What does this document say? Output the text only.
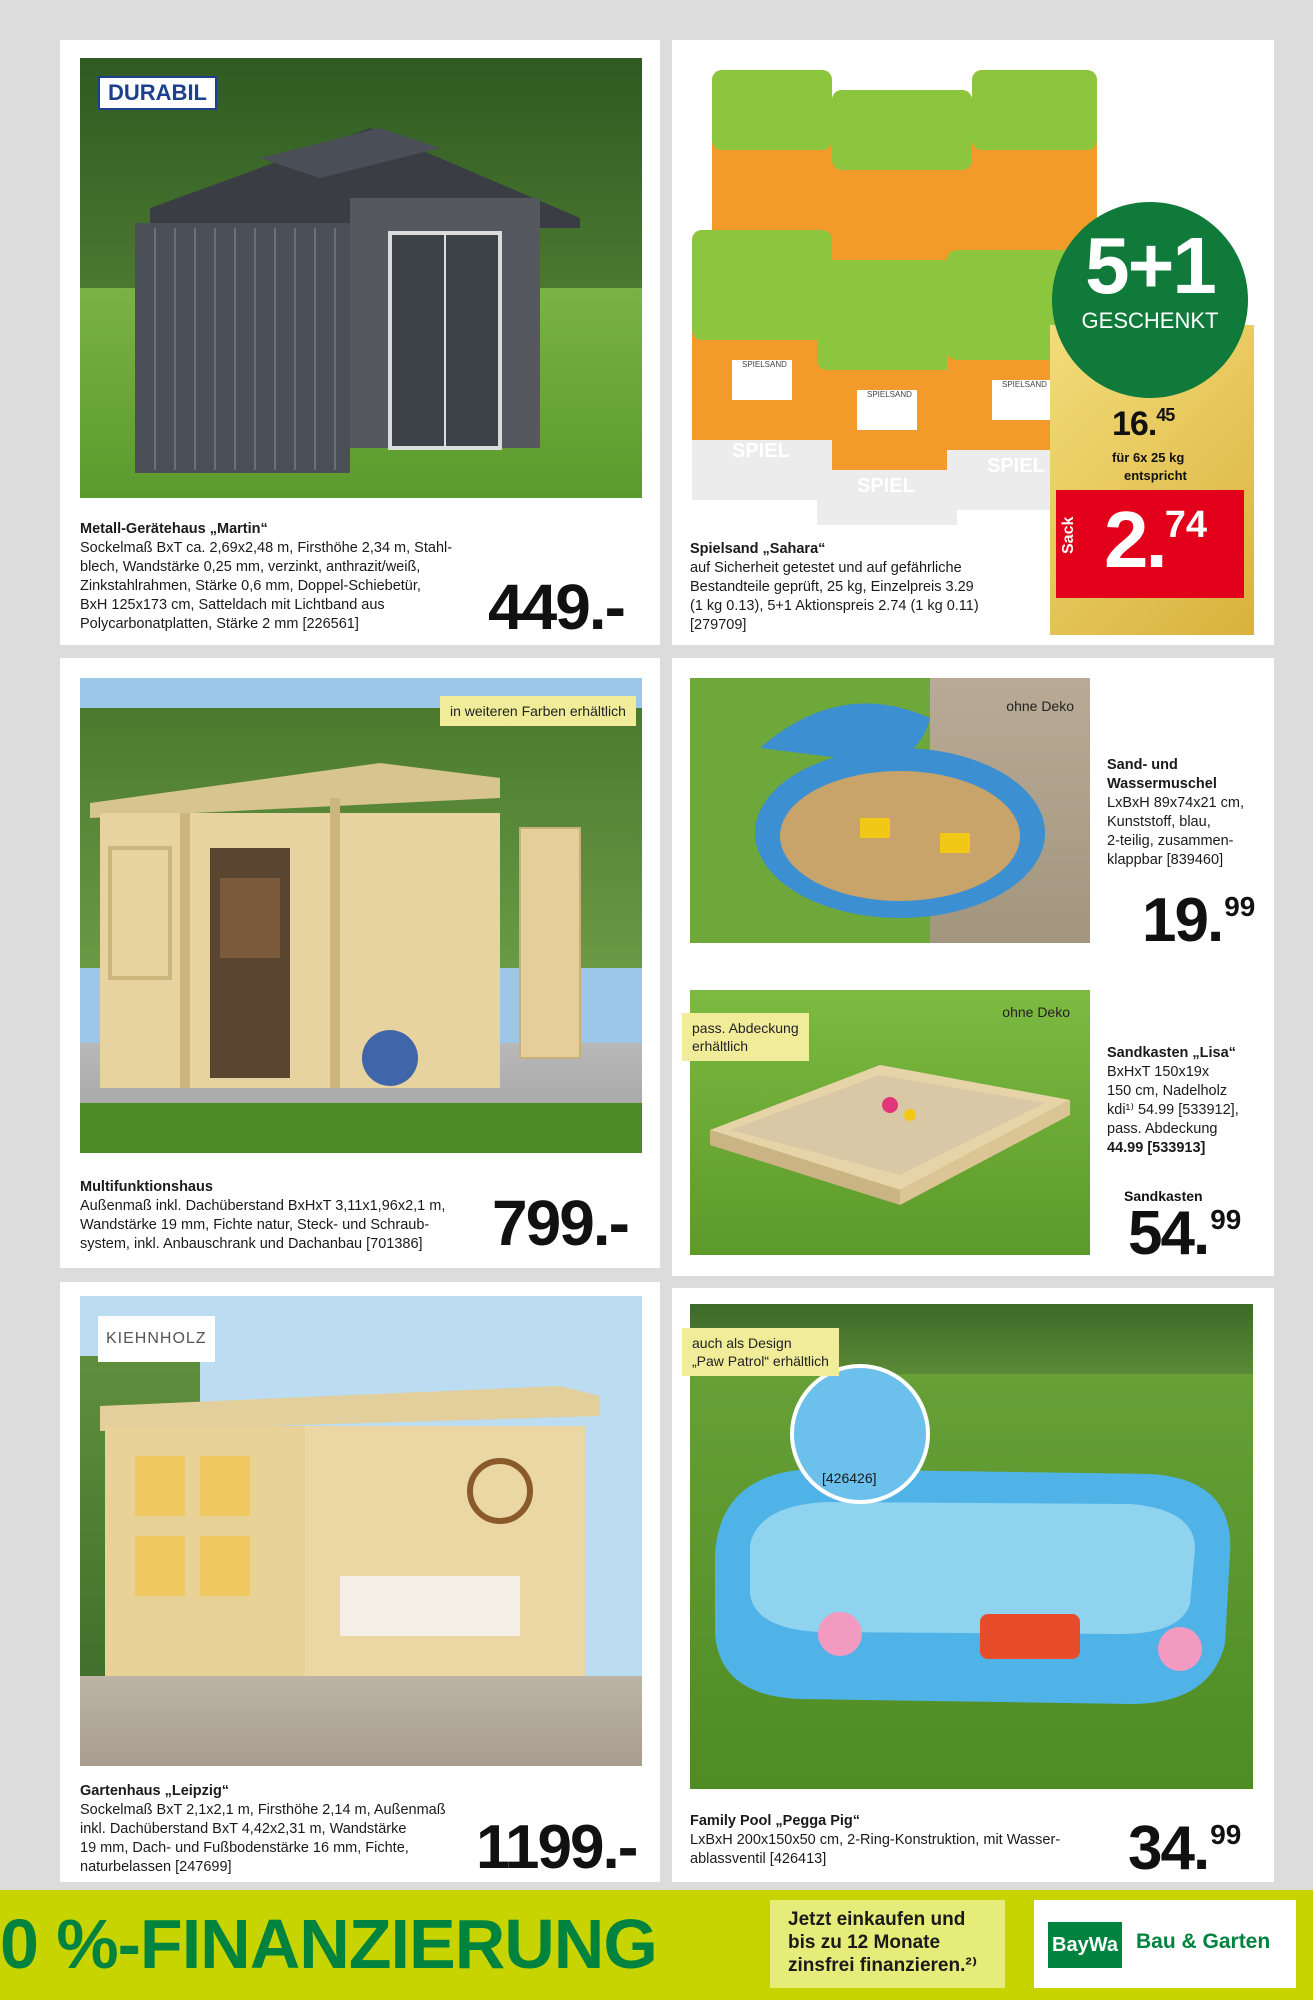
DURABIL
Metall-Gerätehaus „Martin“
Sockelmaß BxT ca. 2,69x2,48 m, Firsthöhe 2,34 m, Stahl-
blech, Wandstärke 0,25 mm, verzinkt, anthrazit/weiß,
Zinkstahlrahmen, Stärke 0,6 mm, Doppel-Schiebetür,
BxH 125x173 cm, Satteldach mit Lichtband aus
Polycarbonatplatten, Stärke 2 mm [226561]	449.-
SPIEL
SPIEL
SPIEL
SPIELSAND
SPIELSAND
SPIELSAND
5+1
GESCHENKT
16.45
für 6x 25 kg
entspricht
Sack 2.74
Spielsand „Sahara“
auf Sicherheit getestet und auf gefährliche
Bestandteile geprüft, 25 kg, Einzelpreis 3.29
(1 kg 0.13), 5+1 Aktionspreis 2.74 (1 kg 0.11)
[279709]
in weiteren Farben erhältlich
Multifunktionshaus
Außenmaß inkl. Dachüberstand BxHxT 3,11x1,96x2,1 m,
Wandstärke 19 mm, Fichte natur, Steck- und Schraub-
system, inkl. Anbauschrank und Dachanbau [701386]	799.-
ohne Deko
Sand- und
Wassermuschel
LxBxH 89x74x21 cm,
Kunststoff, blau,
2-teilig, zusammen-
klappbar [839460]
19.99
ohne Deko
pass. Abdeckung
erhältlich	Sandkasten „Lisa“
BxHxT 150x19x
150 cm, Nadelholz
kdi¹⁾ 54.99 [533912],
pass. Abdeckung
44.99 [533913]
Sandkasten
54.99
KIEHNHOLZ
Gartenhaus „Leipzig“
Sockelmaß BxT 2,1x2,1 m, Firsthöhe 2,14 m, Außenmaß
inkl. Dachüberstand BxT 4,42x2,31 m, Wandstärke
19 mm, Dach- und Fußbodenstärke 16 mm, Fichte,
naturbelassen [247699]	1199.-
[426426]
auch als Design
„Paw Patrol“ erhältlich
Family Pool „Pegga Pig“
LxBxH 200x150x50 cm, 2-Ring-Konstruktion, mit Wasser-
ablassventil [426413]	34.99
0 %-FINANZIERUNG	Jetzt einkaufen und
bis zu 12 Monate
zinsfrei finanzieren.²⁾
BayWa Bau & Garten
